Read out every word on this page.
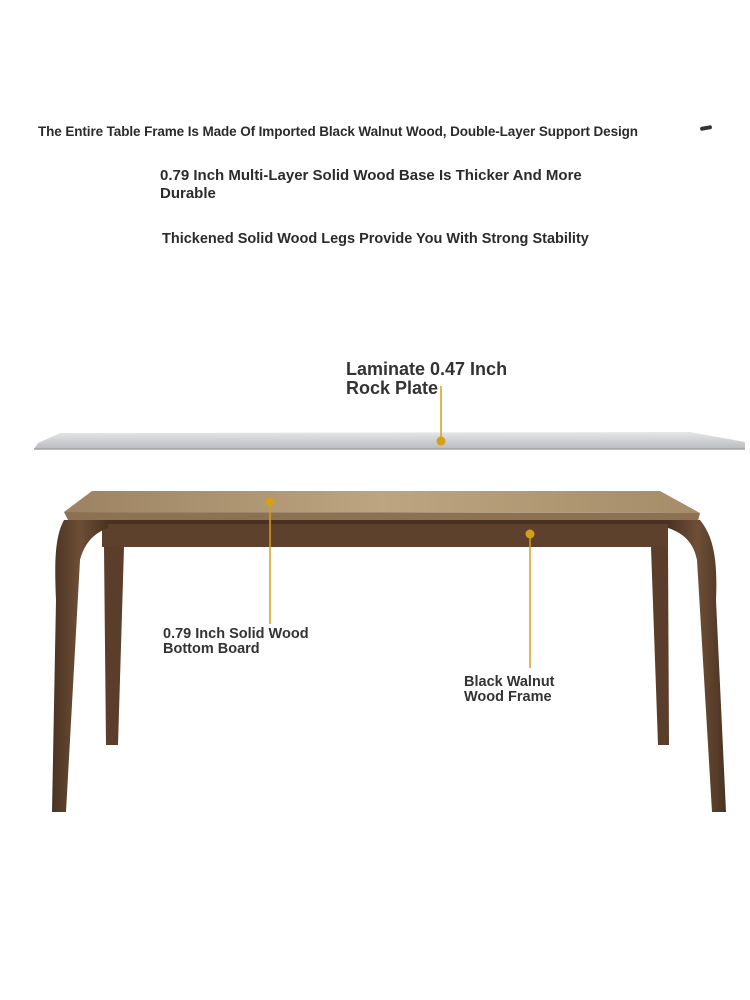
The Entire Table Frame Is Made Of Imported Black Walnut Wood, Double-Layer Support Design

0.79 Inch Multi-Layer Solid Wood Base Is Thicker And More Durable

Thickened Solid Wood Legs Provide You With Strong Stability

Laminate 0.47 Inch
Rock Plate

0.79 Inch Solid Wood
Bottom Board

Black Walnut
Wood Frame
